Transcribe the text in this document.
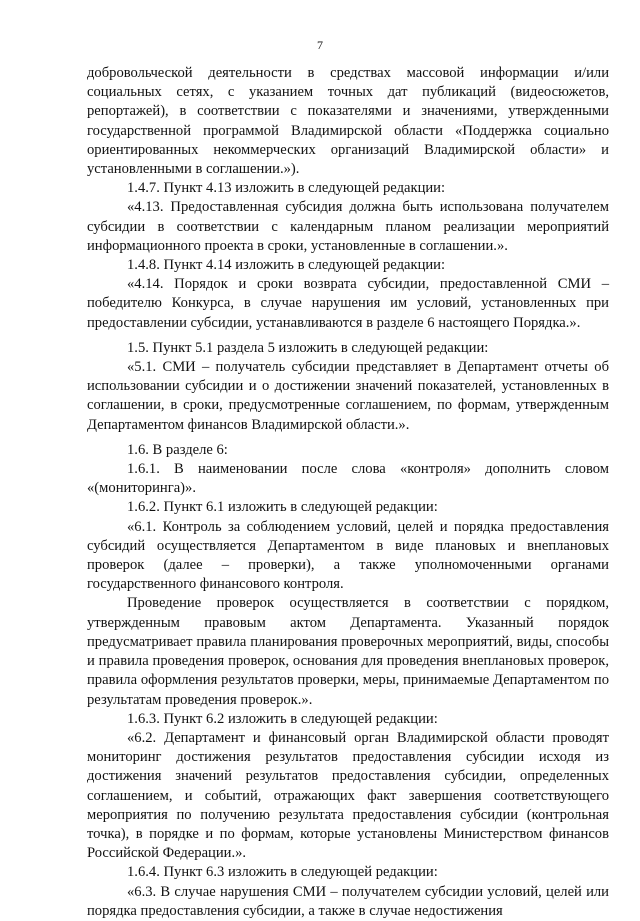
7

добровольческой деятельности в средствах массовой информации и/или социальных сетях, с указанием точных дат публикаций (видеосюжетов, репортажей), в соответствии с показателями и значениями, утвержденными государственной программой Владимирской области «Поддержка социально ориентированных некоммерческих организаций Владимирской области» и установленными в соглашении.»).

1.4.7. Пункт 4.13 изложить в следующей редакции:

«4.13. Предоставленная субсидия должна быть использована получателем субсидии в соответствии с календарным планом реализации мероприятий информационного проекта в сроки, установленные в соглашении.».

1.4.8. Пункт 4.14 изложить в следующей редакции:

«4.14. Порядок и сроки возврата субсидии, предоставленной СМИ – победителю Конкурса, в случае нарушения им условий, установленных при предоставлении субсидии, устанавливаются в разделе 6 настоящего Порядка.».

1.5. Пункт 5.1 раздела 5 изложить в следующей редакции:

«5.1. СМИ – получатель субсидии представляет в Департамент отчеты об использовании субсидии и о достижении значений показателей, установленных в соглашении, в сроки, предусмотренные соглашением, по формам, утвержденным Департаментом финансов Владимирской области.».

1.6. В разделе 6:

1.6.1. В наименовании после слова «контроля» дополнить словом «(мониторинга)».

1.6.2. Пункт 6.1 изложить в следующей редакции:

«6.1. Контроль за соблюдением условий, целей и порядка предоставления субсидий осуществляется Департаментом в виде плановых и внеплановых проверок (далее – проверки), а также уполномоченными органами государственного финансового контроля.

Проведение проверок осуществляется в соответствии с порядком, утвержденным правовым актом Департамента. Указанный порядок предусматривает правила планирования проверочных мероприятий, виды, способы и правила проведения проверок, основания для проведения внеплановых проверок, правила оформления результатов проверки, меры, принимаемые Департаментом по результатам проведения проверок.».

1.6.3. Пункт 6.2 изложить в следующей редакции:

«6.2. Департамент и финансовый орган Владимирской области проводят мониторинг достижения результатов предоставления субсидии исходя из достижения значений результатов предоставления субсидии, определенных соглашением, и событий, отражающих факт завершения соответствующего мероприятия по получению результата предоставления субсидии (контрольная точка), в порядке и по формам, которые установлены Министерством финансов Российской Федерации.».

1.6.4. Пункт 6.3 изложить в следующей редакции:

«6.3. В случае нарушения СМИ – получателем субсидии условий, целей или порядка предоставления субсидии, а также в случае недостижения
